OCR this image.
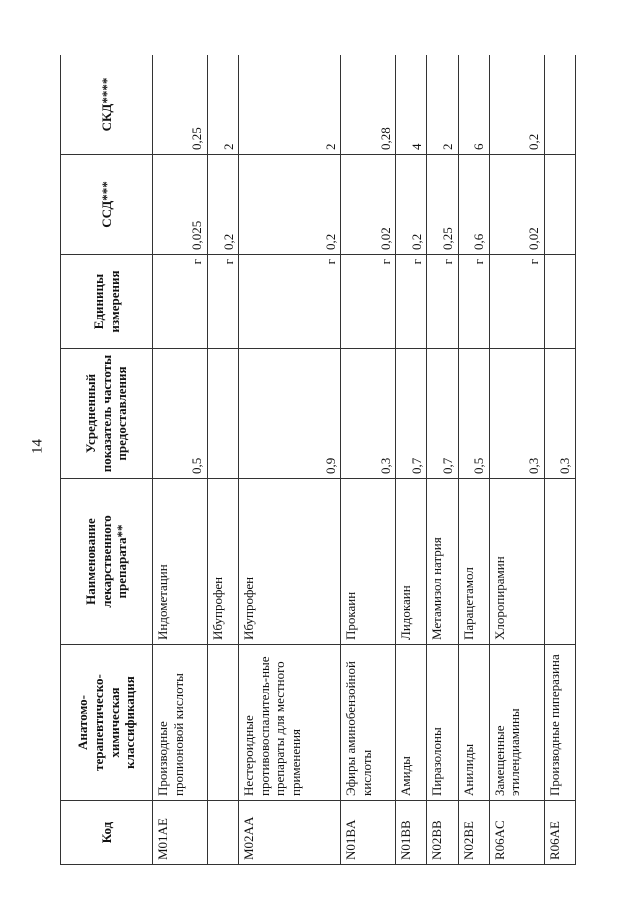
14
Код	Анатомо-терапевтическо-химическая классификация	Наименование лекарственного препарата**	Усредненный показатель частоты предоставления	Единицы измерения	ССД***	СКД****
M01AE	Производные пропионовой кислоты	Индометацин	0,5	г	0,025	0,25
		Ибупрофен		г	0,2	2
M02AA	Нестероидные противовоспалитель-ные препараты для местного применения	Ибупрофен	0,9	г	0,2	2
N01BA	Эфиры аминобензойной кислоты	Прокаин	0,3	г	0,02	0,28
N01BB	Амиды	Лидокаин	0,7	г	0,2	4
N02BB	Пиразолоны	Метамизол натрия	0,7	г	0,25	2
N02BE	Анилиды	Парацетамол	0,5	г	0,6	6
R06AC	Замещенные этилендиамины	Хлоропирамин	0,3	г	0,02	0,2
R06AE	Производные пиперазина		0,3			
